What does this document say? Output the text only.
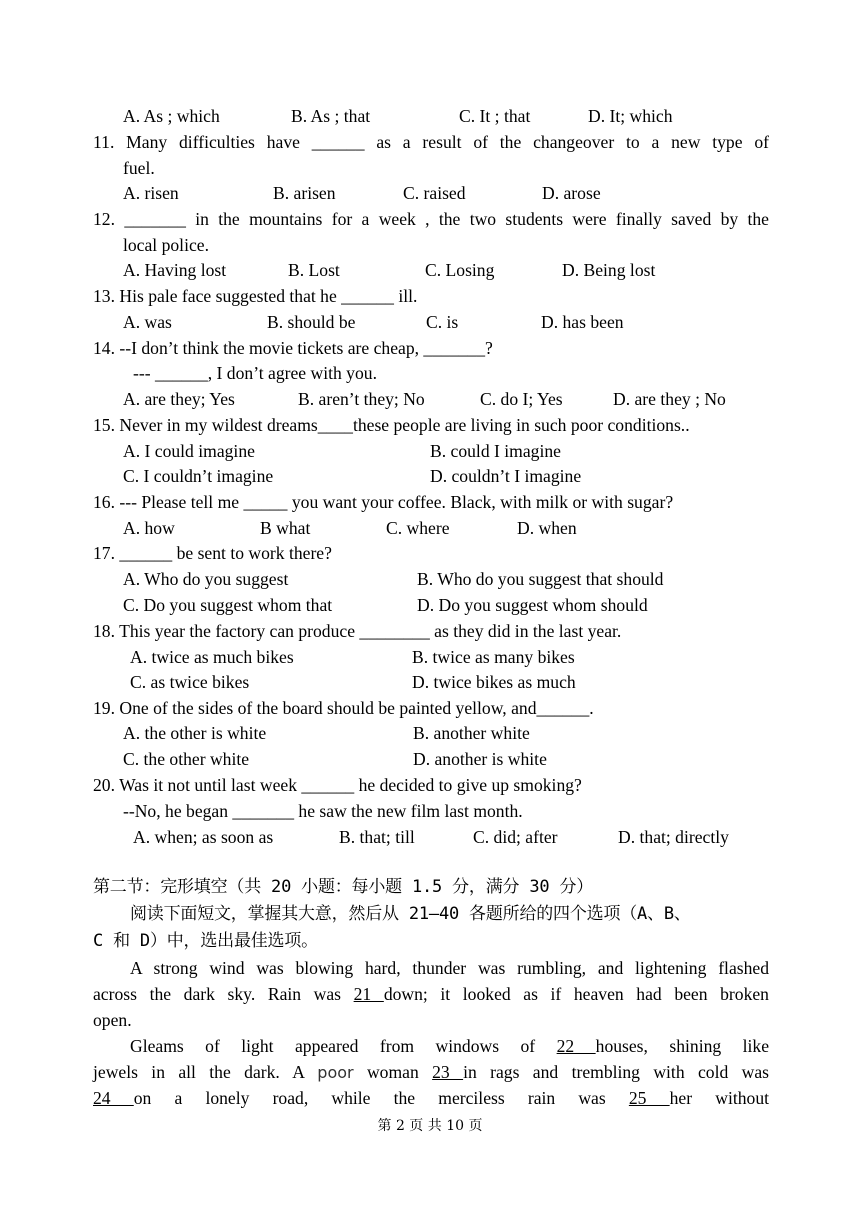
A. As ; which	B. As ; that	C. It ; that	D. It; which
11. Many difficulties have ______ as a result of the changeover to a new type of
fuel.
A. risen	B. arisen	C. raised	D. arose
12. _______ in the mountains for a week , the two students were finally saved by the
local police.
A. Having lost	B. Lost	C. Losing	D. Being lost
13. His pale face suggested that he ______ ill.
A. was	B. should be	C. is	D. has been
14. --I don’t think the movie tickets are cheap, _______?
--- ______, I don’t agree with you.
A. are they; Yes	B. aren’t they; No	C. do I; Yes	D. are they ; No
15. Never in my wildest dreams____these people are living in such poor conditions..
A. I could imagine	B. could I imagine
C. I couldn’t imagine	D. couldn’t I imagine
16. --- Please tell me _____ you want your coffee. Black, with milk or with sugar?
A. how	B what	C. where	D. when
17. ______ be sent to work there?
A. Who do you suggest	B. Who do you suggest that should
C. Do you suggest whom that	D. Do you suggest whom should
18. This year the factory can produce ________ as they did in the last year.
A. twice as much bikes	B. twice as many bikes
C. as twice bikes	D. twice bikes as much
19. One of the sides of the board should be painted yellow, and______.
A. the other is white	B. another white
C. the other white	D. another is white
20. Was it not until last week ______ he decided to give up smoking?
--No, he began _______ he saw the new film last month.
A. when; as soon as	B. that; till	C. did; after	D. that; directly
第二节：完形填空（共 20 小题：每小题 1.5 分，满分 30 分）
阅读下面短文，掌握其大意，然后从 21—40 各题所给的四个选项（A、B、
C 和 D）中，选出最佳选项。
A strong wind was blowing hard, thunder was rumbling, and lightening flashed
across the dark sky. Rain was 21 down; it looked as if heaven had been broken
open.
Gleams of light appeared from windows of 22 houses, shining like
jewels in all the dark. A poor woman 23 in rags and trembling with cold was
24 on a lonely road, while the merciless rain was 25 her without
第 2 页 共 10 页
